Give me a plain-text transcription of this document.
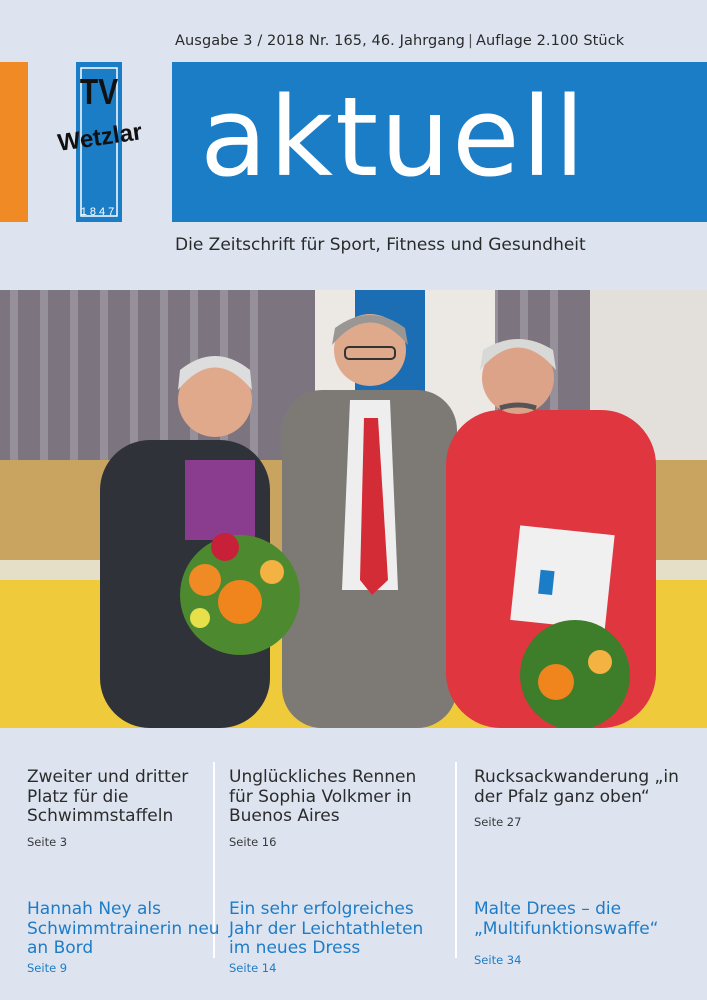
Ausgabe 3 / 2018 Nr. 165, 46. Jahrgang | Auflage 2.100 Stück
TV
Wetzlar
1847
aktuell
Die Zeitschrift für Sport, Fitness und Gesundheit

Zweiter und dritter Platz für die Schwimmstaffeln

Seite 3

Hannah Ney als Schwimmtrainerin neu an Bord

Seite 9

Unglückliches Rennen für Sophia Volkmer in Buenos Aires

Seite 16

Ein sehr erfolgreiches Jahr der Leichtathleten im neues Dress

Seite 14

Rucksackwanderung „in der Pfalz ganz oben“

Seite 27

Malte Drees – die „Multifunktionswaffe“

Seite 34
